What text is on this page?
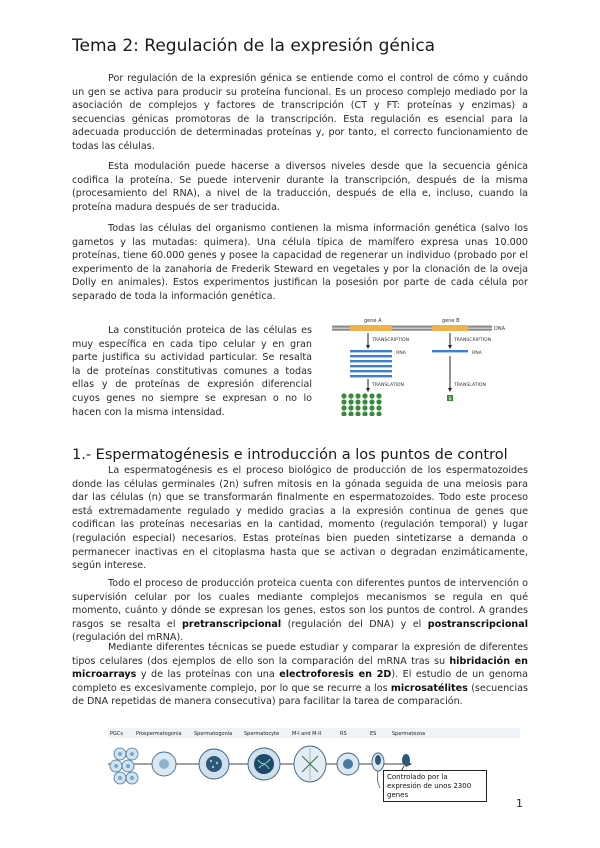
Tema 2: Regulación de la expresión génica

Por regulación de la expresión génica se entiende como el control de cómo y cuándo un gen se activa para producir su proteína funcional. Es un proceso complejo mediado por la asociación de complejos y factores de transcripción (CT y FT: proteínas y enzimas) a secuencias génicas promotoras de la transcripción. Esta regulación es esencial para la adecuada producción de determinadas proteínas y, por tanto, el correcto funcionamiento de todas las células.

Esta modulación puede hacerse a diversos niveles desde que la secuencia génica codifica la proteína. Se puede intervenir durante la transcripción, después de la misma (procesamiento del RNA), a nivel de la traducción, después de ella e, incluso, cuando la proteína madura después de ser traducida.

Todas las células del organismo contienen la misma información genética (salvo los gametos y las mutadas: quimera). Una célula típica de mamífero expresa unas 10.000 proteínas, tiene 60.000 genes y posee la capacidad de regenerar un individuo (probado por el experimento de la zanahoria de Frederik Steward en vegetales y por la clonación de la oveja Dolly en animales). Estos experimentos justifican la posesión por parte de cada célula por separado de toda la información genética.

La constitución proteica de las células es muy específica en cada tipo celular y en gran parte justifica su actividad particular. Se resalta la de proteínas constitutivas comunes a todas ellas y de proteínas de expresión diferencial cuyos genes no siempre se expresan o no lo hacen con la misma intensidad.

gene A	gene B
DNA
TRANSCRIPTION	TRANSCRIPTION
RNA	RNA
TRANSLATION	TRANSLATION
A	B
1.- Espermatogénesis e introducción a los puntos de control

La espermatogénesis es el proceso biológico de producción de los espermatozoides donde las células germinales (2n) sufren mitosis en la gónada seguida de una meiosis para dar las células (n) que se transformarán finalmente en espermatozoides. Todo este proceso está extremadamente regulado y medido gracias a la expresión continua de genes que codifican las proteínas necesarias en la cantidad, momento (regulación temporal) y lugar (regulación especial) necesarios. Estas proteínas bien pueden sintetizarse a demanda o permanecer inactivas en el citoplasma hasta que se activan o degradan enzimáticamente, según interese.

Todo el proceso de producción proteica cuenta con diferentes puntos de intervención o supervisión celular por los cuales mediante complejos mecanismos se regula en qué momento, cuánto y dónde se expresan los genes, estos son los puntos de control. A grandes rasgos se resalta el pretranscripcional (regulación del DNA) y el postranscripcional (regulación del mRNA).

Mediante diferentes técnicas se puede estudiar y comparar la expresión de diferentes tipos celulares (dos ejemplos de ello son la comparación del mRNA tras su hibridación en microarrays y de las proteínas con una electroforesis en 2D). El estudio de un genoma completo es excesivamente complejo, por lo que se recurre a los microsatélites (secuencias de DNA repetidas de manera consecutiva) para facilitar la tarea de comparación.

PGCs	Prospermatogonia Spermatogonia Spermatocyte	M-I and M-II	RS	ES	Spermatozoa
Controlado por la expresión de unos 2300 genes
1
